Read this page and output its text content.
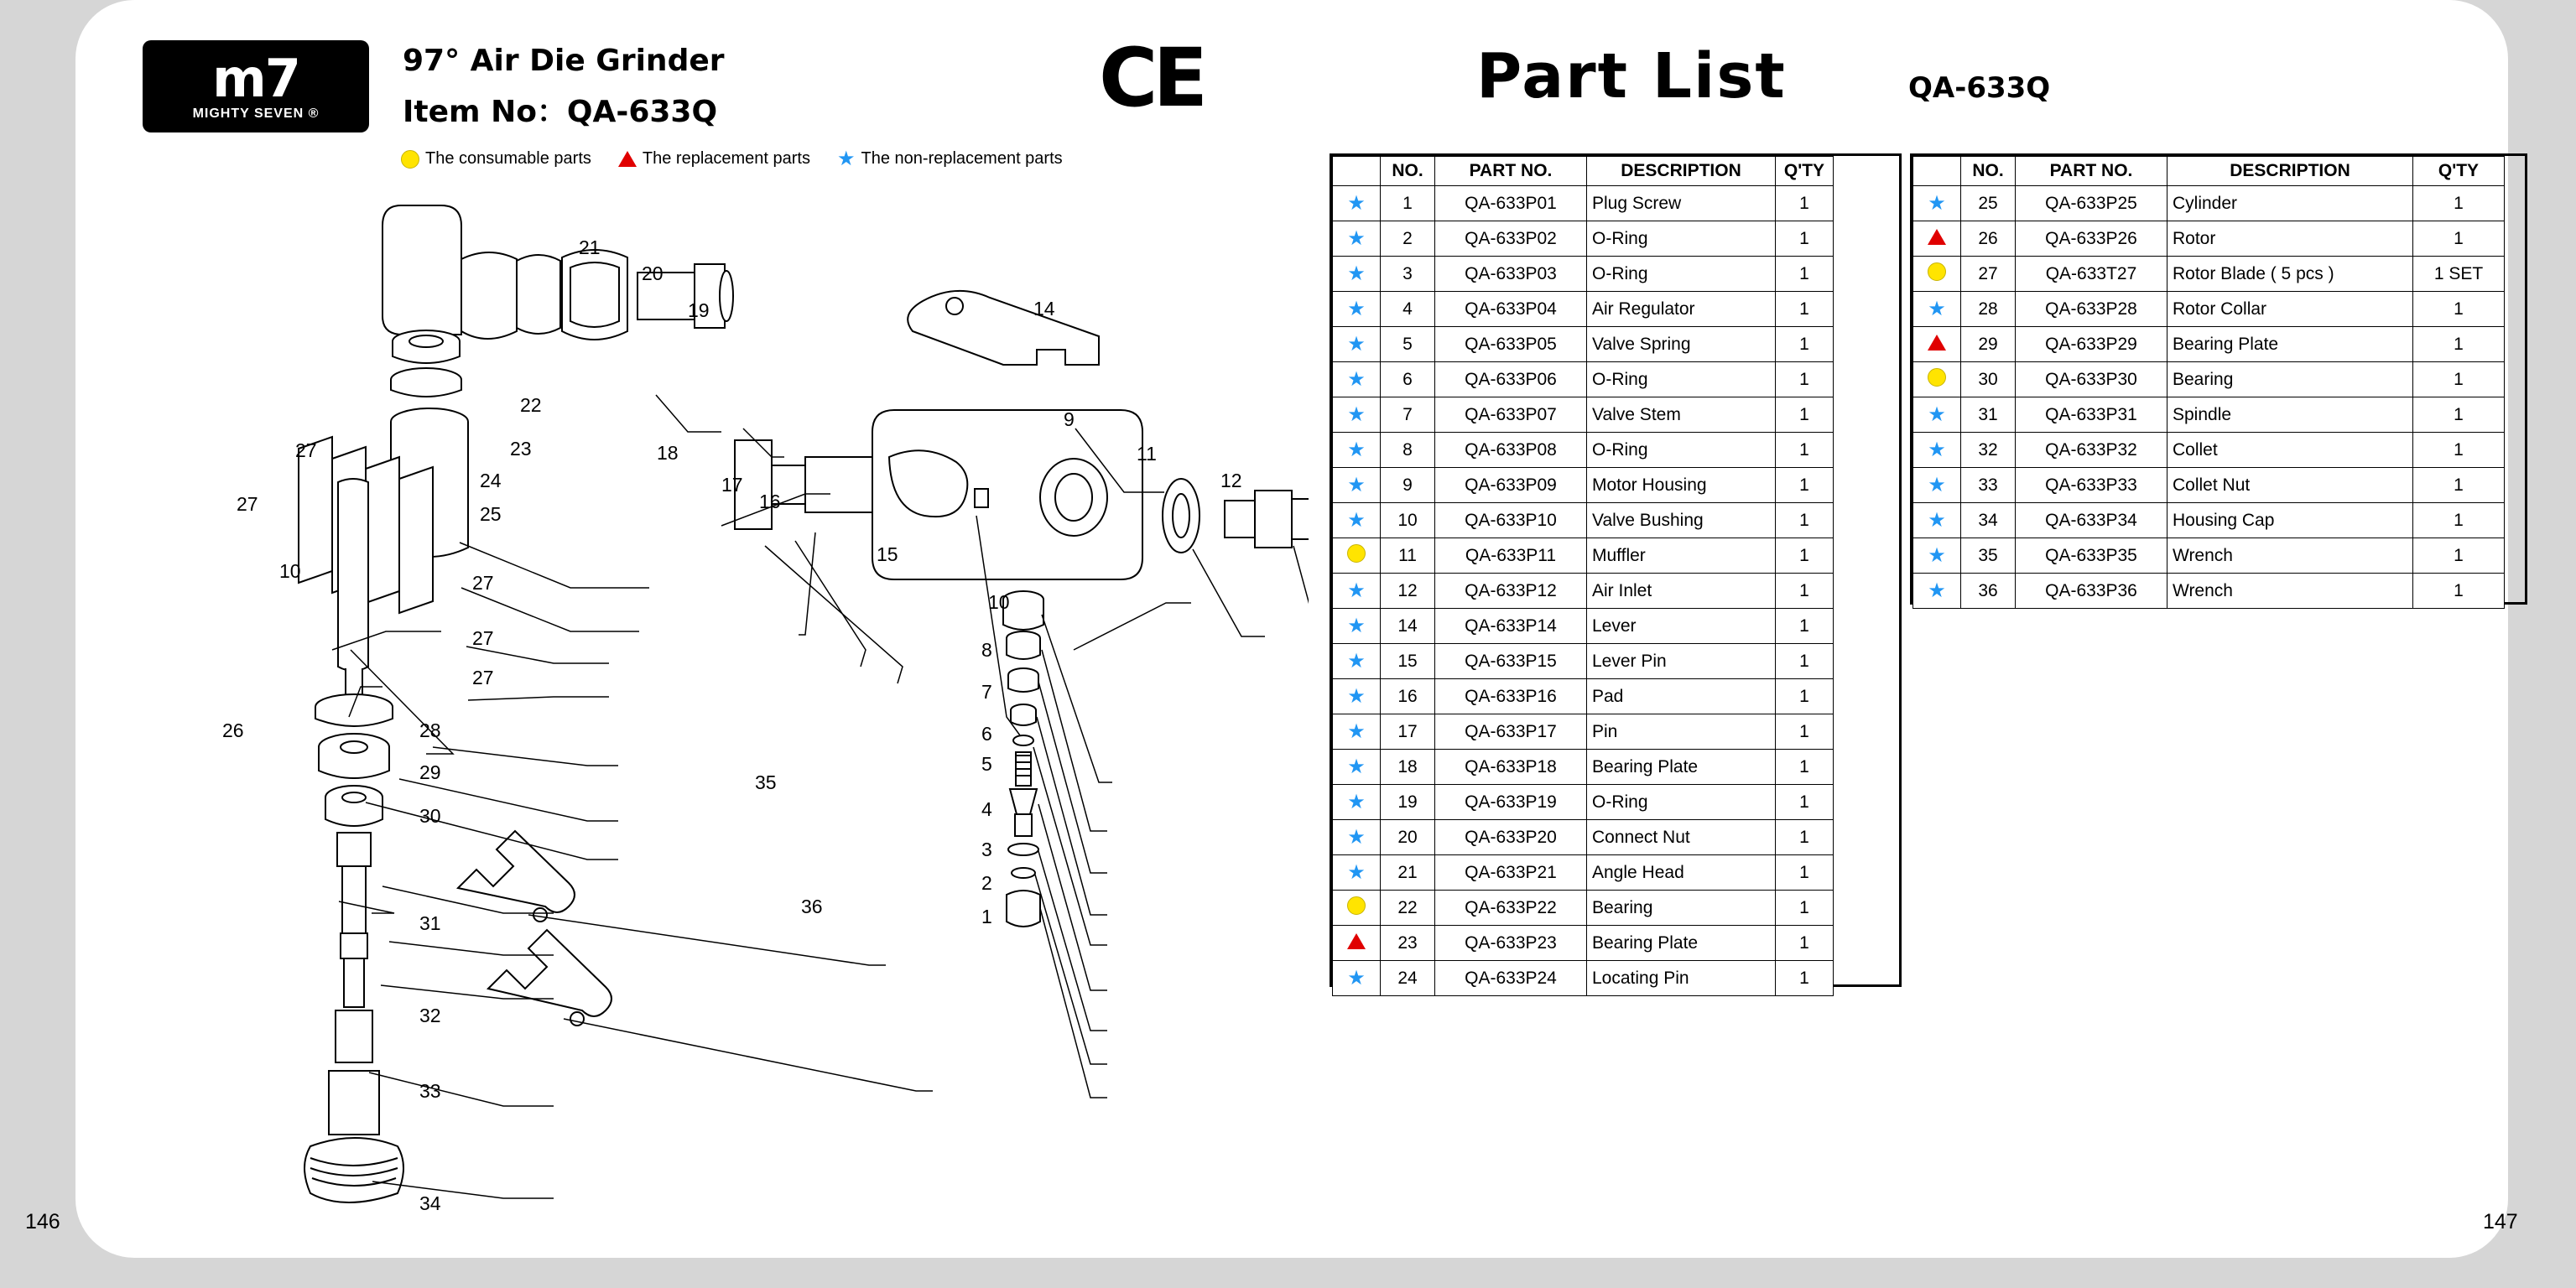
m7
MIGHTY SEVEN ®
97° Air Die Grinder
Item No：QA-633Q	CE
The consumable parts	The replacement parts ★ The non-replacement parts
Part List	QA-633Q
	NO.	PART NO.	DESCRIPTION	Q'TY
★	1	QA-633P01	Plug Screw	1
★	2	QA-633P02	O-Ring	1
★	3	QA-633P03	O-Ring	1
★	4	QA-633P04	Air Regulator	1
★	5	QA-633P05	Valve Spring	1
★	6	QA-633P06	O-Ring	1
★	7	QA-633P07	Valve Stem	1
★	8	QA-633P08	O-Ring	1
★	9	QA-633P09	Motor Housing	1
★	10	QA-633P10	Valve Bushing	1
	11	QA-633P11	Muffler	1
★	12	QA-633P12	Air Inlet	1
★	14	QA-633P14	Lever	1
★	15	QA-633P15	Lever Pin	1
★	16	QA-633P16	Pad	1
★	17	QA-633P17	Pin	1
★	18	QA-633P18	Bearing Plate	1
★	19	QA-633P19	O-Ring	1
★	20	QA-633P20	Connect Nut	1
★	21	QA-633P21	Angle Head	1
	22	QA-633P22	Bearing	1
	23	QA-633P23	Bearing Plate	1
★	24	QA-633P24	Locating Pin	1
	NO.	PART NO.	DESCRIPTION	Q'TY
★	25	QA-633P25	Cylinder	1
	26	QA-633P26	Rotor	1
	27	QA-633T27	Rotor Blade ( 5 pcs )	1 SET
★	28	QA-633P28	Rotor Collar	1
	29	QA-633P29	Bearing Plate	1
	30	QA-633P30	Bearing	1
★	31	QA-633P31	Spindle	1
★	32	QA-633P32	Collet	1
★	33	QA-633P33	Collet Nut	1
★	34	QA-633P34	Housing Cap	1
★	35	QA-633P35	Wrench	1
★	36	QA-633P36	Wrench	1
146	147
21
20
19	14
22
9
23	18
27
24
11
12
17
16
25
27
10
15
27
10
27
8
27
7
26	28	6
5
29
30
35
4
3
2
36	1
31
32
33
34
